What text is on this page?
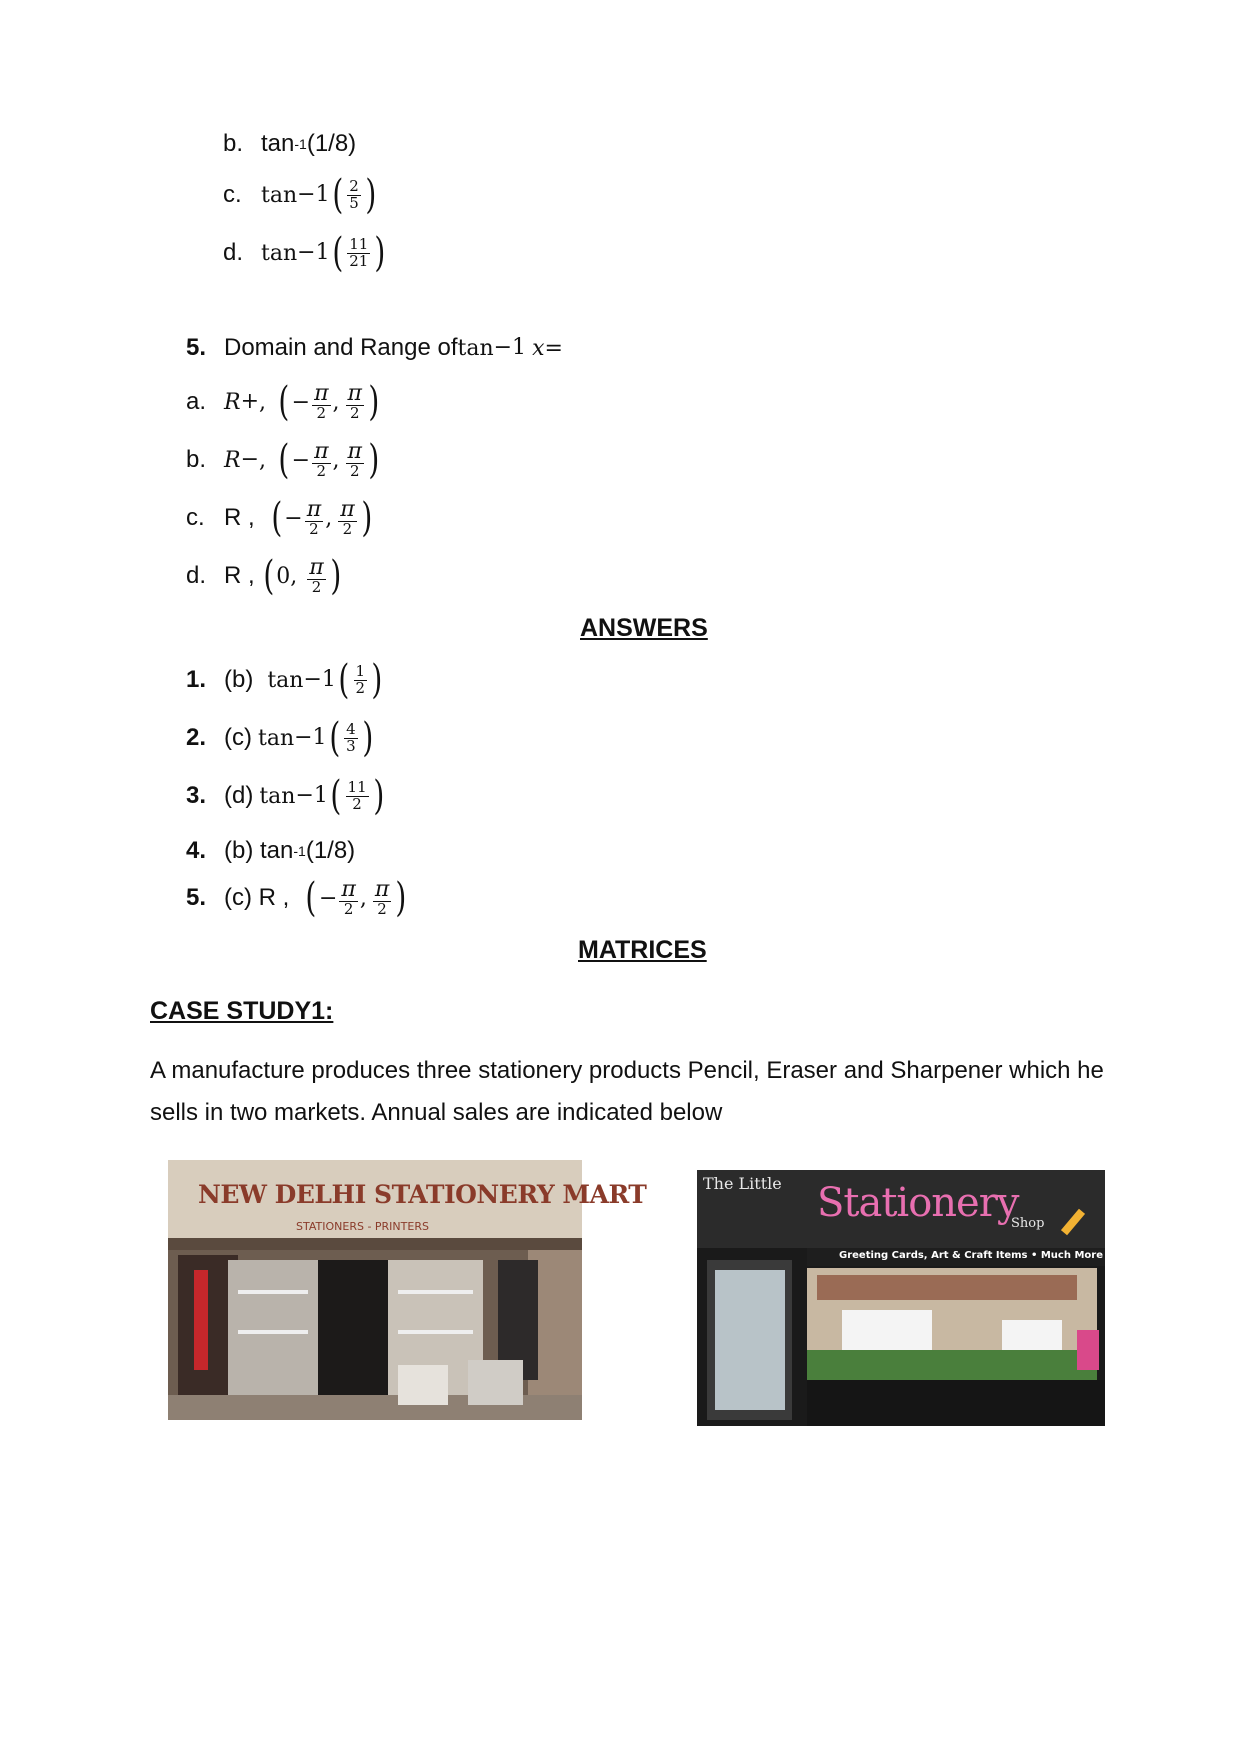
b. tan -1 (1/8)
c. tan −1 ( $\frac{2}{5}$ )
d. tan −1 ( $\frac{11}{21}$ )
5. Domain and Range of tan −1 x =
a. R + , ( − $\frac{\pi}{2}$ , $\frac{\pi}{2}$ )
b. R − , ( − $\frac{\pi}{2}$ , $\frac{\pi}{2}$ )
c. R , ( − $\frac{\pi}{2}$ , $\frac{\pi}{2}$ )
d. R , ( 0 , $\frac{\pi}{2}$ )
ANSWERS
1. (b) tan −1 ( $\frac{1}{2}$ )
2. (c) tan −1 ( $\frac{4}{3}$ )
3. (d) tan −1 ( $\frac{11}{2}$ )
4. (b) tan -1 (1/8)
5. (c) R , ( − $\frac{\pi}{2}$ , $\frac{\pi}{2}$ )
MATRICES
CASE STUDY1:
A manufacture produces three stationery products Pencil, Eraser and Sharpener which he sells in two markets. Annual sales are indicated below
NEW DELHI STATIONERY MART
STATIONERS - PRINTERS
The Little Stationery
Shop
Greeting Cards, Art & Craft Items • Much More
